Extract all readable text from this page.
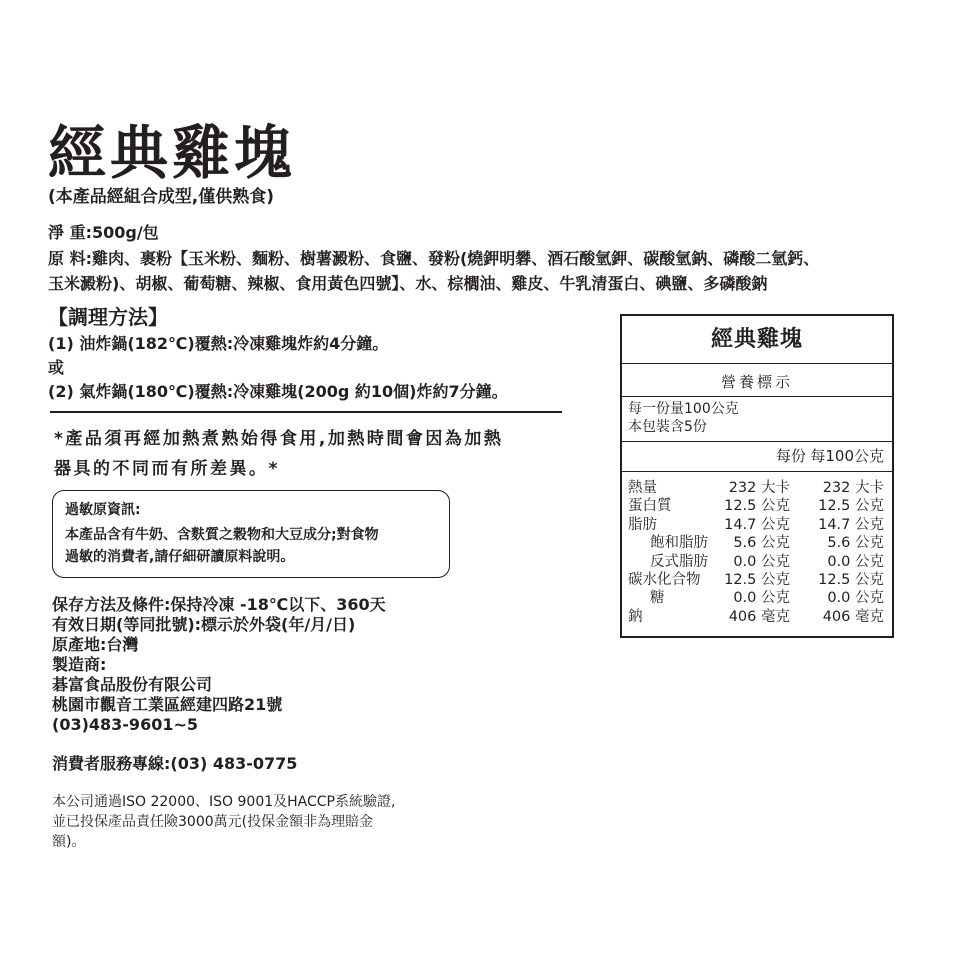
經典雞塊
(本產品經組合成型,僅供熟食)
淨 重:500g/包
原 料:雞肉、裹粉【玉米粉、麵粉、樹薯澱粉、食鹽、發粉(燒鉀明礬、酒石酸氫鉀、碳酸氫鈉、磷酸二氫鈣、
玉米澱粉)、胡椒、葡萄糖、辣椒、食用黃色四號】、水、棕櫚油、雞皮、牛乳清蛋白、碘鹽、多磷酸鈉
【調理方法】
(1) 油炸鍋(182℃)覆熱:冷凍雞塊炸約4分鐘。
或
(2) 氣炸鍋(180℃)覆熱:冷凍雞塊(200g 約10個)炸約7分鐘。
*產品須再經加熱煮熟始得食用,加熱時間會因為加熱
器具的不同而有所差異。*
過敏原資訊:
本產品含有牛奶、含麩質之穀物和大豆成分;對食物
過敏的消費者,請仔細研讀原料說明。
保存方法及條件:保持冷凍 -18℃以下、360天
有效日期(等同批號):標示於外袋(年/月/日)
原產地:台灣
製造商:
碁富食品股份有限公司
桃園市觀音工業區經建四路21號
(03)483-9601~5
消費者服務專線:(03) 483-0775
本公司通過ISO 22000、ISO 9001及HACCP系統驗證,
並已投保產品責任險3000萬元(投保金額非為理賠金
額)。
經典雞塊
營養標示
每一份量100公克
本包裝含5份
每份 每100公克
熱量	232 大卡 232 大卡
蛋白質	12.5 公克 12.5 公克
脂肪	14.7 公克 14.7 公克
飽和脂肪 5.6 公克	5.6 公克
反式脂肪 0.0 公克	0.0 公克
碳水化合物 12.5 公克 12.5 公克
糖	0.0 公克	0.0 公克
鈉	406 毫克 406 毫克
